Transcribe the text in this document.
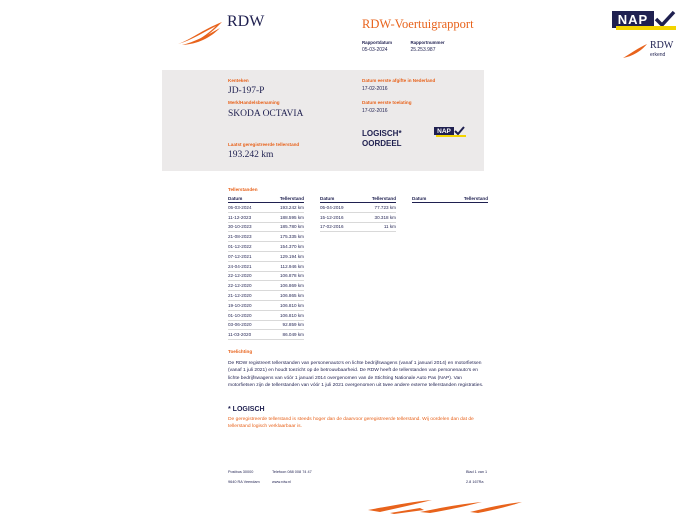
RDW	RDW-Voertuigrapport
Rapportdatum
05-03-2024

Rapportnummer
25.253.987
NAP
RDW
erkend
Kenteken
JD-197-P
Merk/Handelsbenaming
SKODA OCTAVIA
Laatst geregistreerde tellerstand
193.242 km
Datum eerste afgifte in Nederland
17-02-2016
Datum eerste toelating
17-02-2016
LOGISCH*
OORDEEL
NAP
Tellerstanden
Datum	Tellerstand
05-03-2024	193.242 km
11-12-2023	188.595 km
30-10-2023	185.780 km
21-08-2023	175.335 km
01-12-2022	154.370 km
07-12-2021	129.194 km
24-04-2021	112.946 km
22-12-2020	106.878 km
22-12-2020	106.869 km
21-12-2020	106.865 km
19-10-2020	106.810 km
01-10-2020	106.810 km
03-06-2020	92.859 km
11-03-2020	86.049 km
Datum	Tellerstand
05-04-2019	77.723 km
15-12-2016	30.318 km
17-02-2016	11 km
Datum	Tellerstand
Toelichting
De RDW registreert tellerstanden van personenauto's en lichte bedrijfswagens (vanaf 1 januari 2014) en motorfietsen (vanaf 1 juli 2021) en houdt toezicht op de betrouwbaarheid. De RDW heeft de tellerstanden van personenauto's en lichte bedrijfswagens van vóór 1 januari 2014 overgenomen van de Stichting Nationale Auto Pas (NAP). Van motorfietsen zijn de tellerstanden van vóór 1 juli 2021 overgenomen uit twee andere externe tellerstanden registraties.
* LOGISCH
De geregistreerde tellerstand is steeds hoger dan de daarvoor geregistreerde tellerstand. Wij oordelen dan dat de tellerstand logisch verklaarbaar is.
Postbus 30000
9640 RA Veendam
Telefoon 088 008 74 47
www.rdw.nl
Blad 1 van 1
2.8 167Ra
